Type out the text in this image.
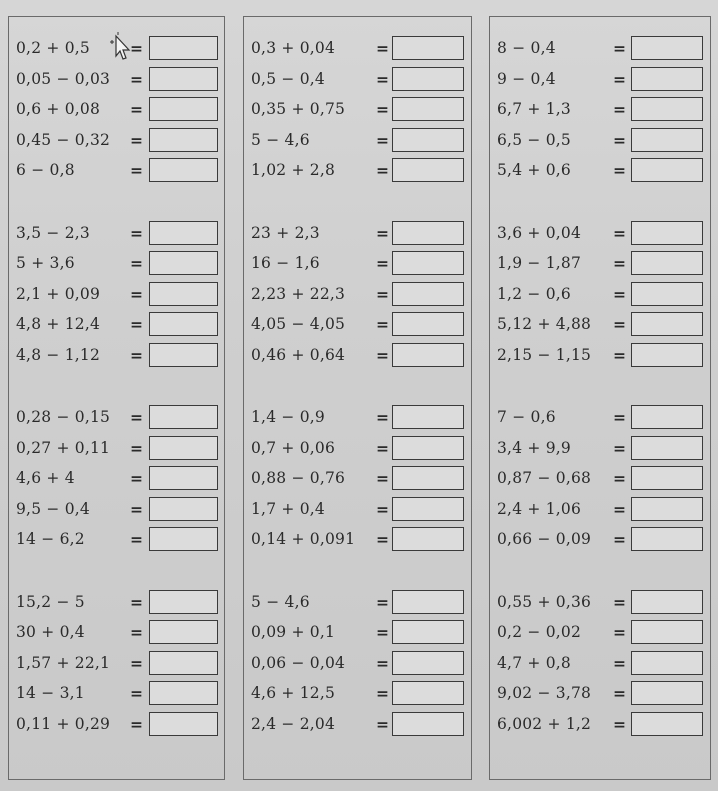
0,2 + 0,5	=
0,05 − 0,03 =
0,6 + 0,08 =
0,45 − 0,32 =
6 − 0,8	=
3,5 − 2,3	=
5 + 3,6	=
2,1 + 0,09 =
4,8 + 12,4 =
4,8 − 1,12 =
0,28 − 0,15 =
0,27 + 0,11 =
4,6 + 4	=
9,5 − 0,4	=
14 − 6,2	=
15,2 − 5	=
30 + 0,4	=
1,57 + 22,1 =
14 − 3,1	=
0,11 + 0,29 =
0,3 + 0,04	=
0,5 − 0,4	=
0,35 + 0,75 =
5 − 4,6	=
1,02 + 2,8	=
23 + 2,3	=
16 − 1,6	=
2,23 + 22,3 =
4,05 − 4,05 =
0,46 + 0,64 =
1,4 − 0,9	=
0,7 + 0,06	=
0,88 − 0,76 =
1,7 + 0,4	=
0,14 + 0,091 =
5 − 4,6	=
0,09 + 0,1	=
0,06 − 0,04 =
4,6 + 12,5	=
2,4 − 2,04	=
8 − 0,4	=
9 − 0,4	=
6,7 + 1,3	=
6,5 − 0,5	=
5,4 + 0,6	=
3,6 + 0,04 =
1,9 − 1,87 =
1,2 − 0,6	=
5,12 + 4,88 =
2,15 − 1,15 =
7 − 0,6	=
3,4 + 9,9	=
0,87 − 0,68 =
2,4 + 1,06 =
0,66 − 0,09 =
0,55 + 0,36 =
0,2 − 0,02 =
4,7 + 0,8	=
9,02 − 3,78 =
6,002 + 1,2 =
